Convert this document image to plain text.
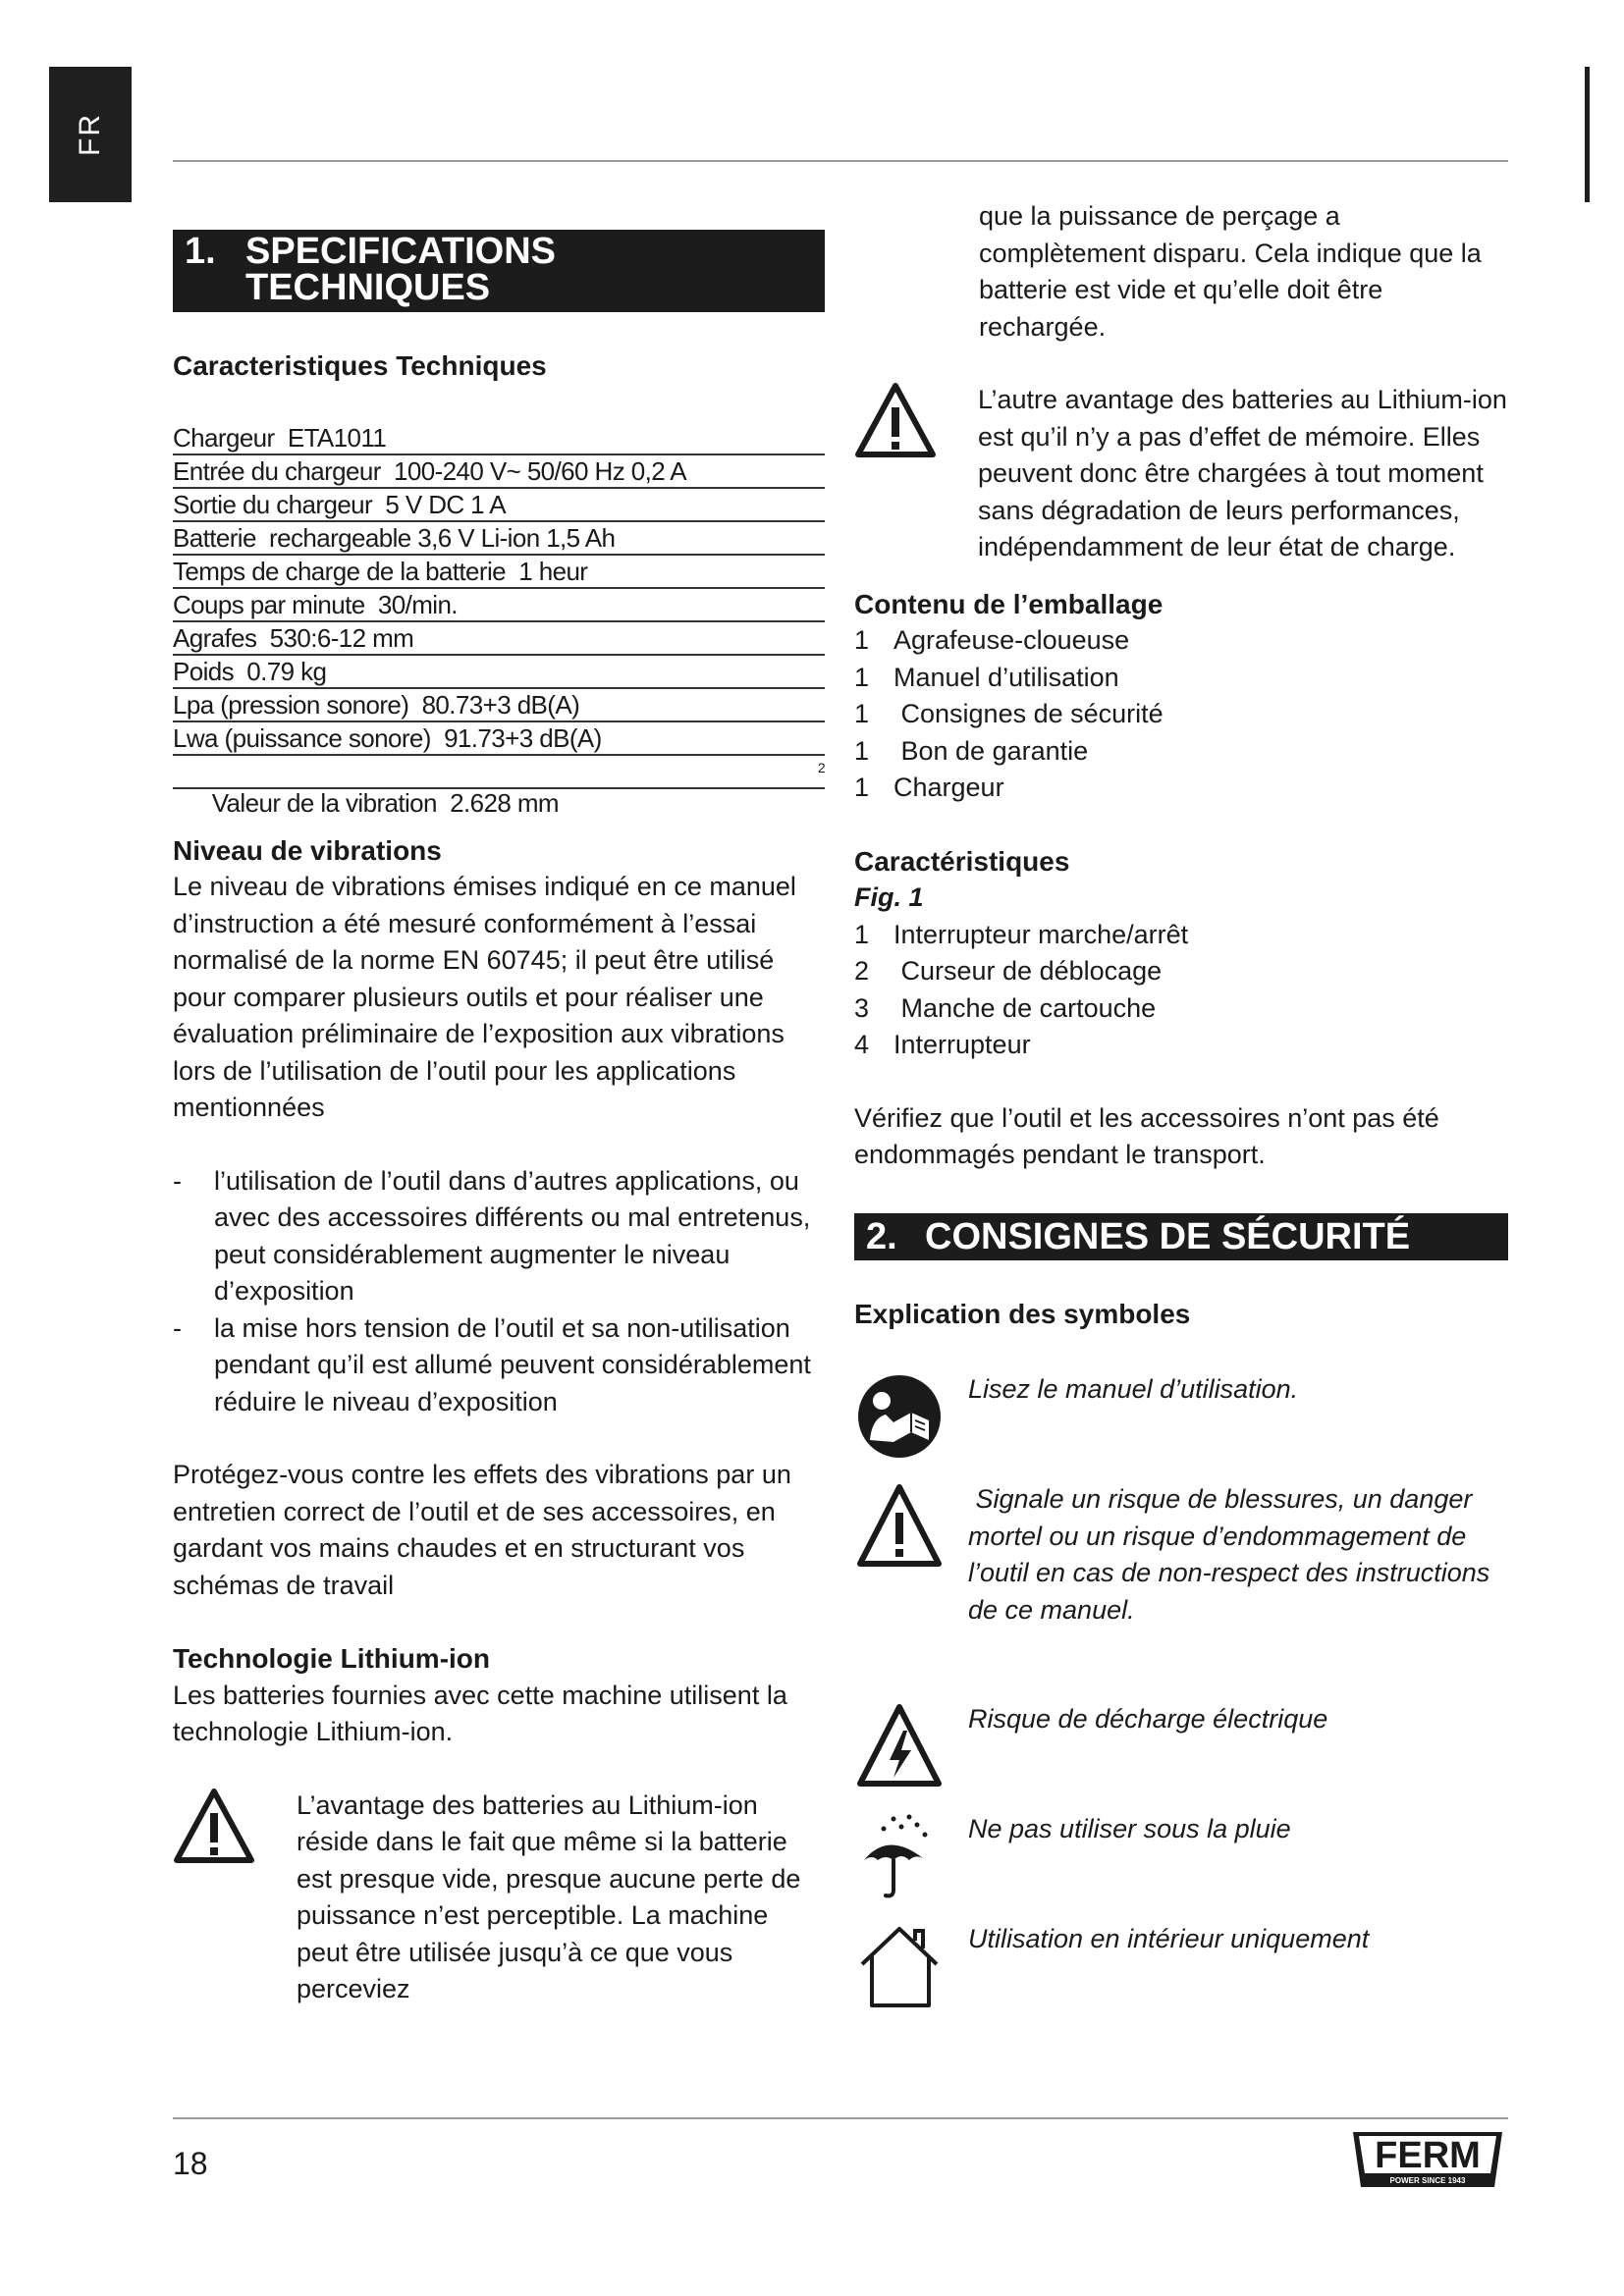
FR
1. SPECIFICATIONS
TECHNIQUES
Caracteristiques Techniques
Chargeur  ETA1011
Entrée du chargeur  100-240 V~ 50/60 Hz 0,2 A
Sortie du chargeur  5 V DC 1 A
Batterie  rechargeable 3,6 V Li-ion 1,5 Ah
Temps de charge de la batterie  1 heur
Coups par minute  30/min.
Agrafes  530:6-12 mm
Poids  0.79 kg
Lpa (pression sonore)  80.73+3 dB(A)
Lwa (puissance sonore)  91.73+3 dB(A)

Valeur de la vibration  2.628 mm

2

Niveau de vibrations

Le niveau de vibrations émises indiqué en ce manuel d’instruction a été mesuré conformément à l’essai normalisé de la norme EN 60745; il peut être utilisé pour comparer plusieurs outils et pour réaliser une évaluation préliminaire de l’exposition aux vibrations lors de l’utilisation de l’outil pour les applications mentionnées

- l’utilisation de l’outil dans d’autres applications, ou avec des accessoires différents ou mal entretenus, peut considérablement augmenter le niveau d’exposition
- la mise hors tension de l’outil et sa non-utilisation pendant qu’il est allumé peuvent considérablement réduire le niveau d’exposition

Protégez-vous contre les effets des vibrations par un entretien correct de l’outil et de ses accessoires, en gardant vos mains chaudes et en structurant vos schémas de travail

Technologie Lithium-ion

Les batteries fournies avec cette machine utilisent la technologie Lithium-ion.

L’avantage des batteries au Lithium-ion réside dans le fait que même si la batterie est presque vide, presque aucune perte de puissance n’est perceptible. La machine peut être utilisée jusqu’à ce que vous perceviez

que la puissance de perçage a complètement disparu. Cela indique que la batterie est vide et qu’elle doit être rechargée.

L’autre avantage des batteries au Lithium-ion est qu’il n’y a pas d’effet de mémoire. Elles peuvent donc être chargées à tout moment sans dégradation de leurs performances, indépendamment de leur état de charge.

Contenu de l’emballage
1 Agrafeuse-cloueuse
1 Manuel d’utilisation
1 Consignes de sécurité
1 Bon de garantie
1 Chargeur
Caractéristiques
Fig. 1
1 Interrupteur marche/arrêt
2 Curseur de déblocage
3 Manche de cartouche
4 Interrupteur

Vérifiez que l’outil et les accessoires n’ont pas été endommagés pendant le transport.

2. CONSIGNES DE SÉCURITÉ
Explication des symboles
Lisez le manuel d’utilisation.
Signale un risque de blessures, un danger mortel ou un risque d’endommagement de l’outil en cas de non-respect des instructions de ce manuel.
Risque de décharge électrique
Ne pas utiliser sous la pluie
Utilisation en intérieur uniquement
18	FERM
POWER SINCE 1943
